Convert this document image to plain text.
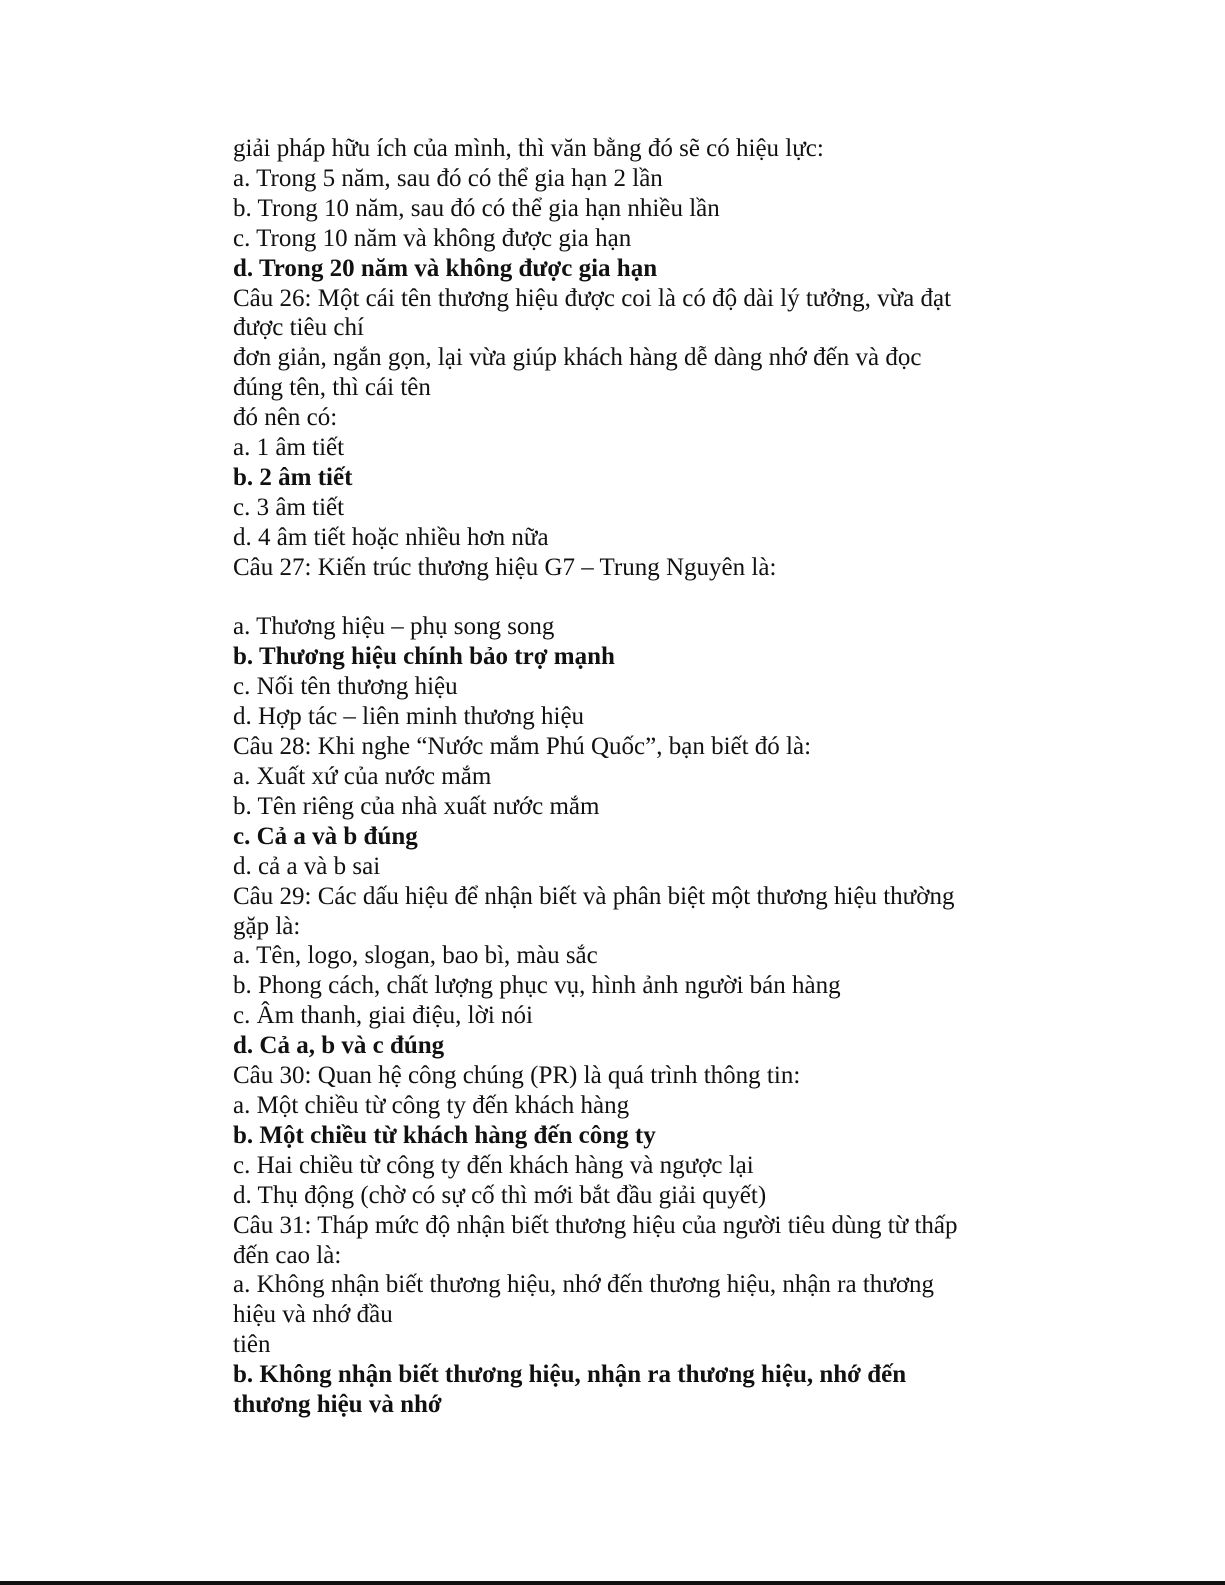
giải pháp hữu ích của mình, thì văn bằng đó sẽ có hiệu lực:

a. Trong 5 năm, sau đó có thể gia hạn 2 lần

b. Trong 10 năm, sau đó có thể gia hạn nhiều lần

c. Trong 10 năm và không được gia hạn

d. Trong 20 năm và không được gia hạn

Câu 26: Một cái tên thương hiệu được coi là có độ dài lý tưởng, vừa đạt

được tiêu chí

đơn giản, ngắn gọn, lại vừa giúp khách hàng dễ dàng nhớ đến và đọc

đúng tên, thì cái tên

đó nên có:

a. 1 âm tiết

b. 2 âm tiết

c. 3 âm tiết

d. 4 âm tiết hoặc nhiều hơn nữa

Câu 27: Kiến trúc thương hiệu G7 – Trung Nguyên là:

a. Thương hiệu – phụ song song

b. Thương hiệu chính bảo trợ mạnh

c. Nối tên thương hiệu

d. Hợp tác – liên minh thương hiệu

Câu 28: Khi nghe “Nước mắm Phú Quốc”, bạn biết đó là:

a. Xuất xứ của nước mắm

b. Tên riêng của nhà xuất nước mắm

c. Cả a và b đúng

d. cả a và b sai

Câu 29: Các dấu hiệu để nhận biết và phân biệt một thương hiệu thường

gặp là:

a. Tên, logo, slogan, bao bì, màu sắc

b. Phong cách, chất lượng phục vụ, hình ảnh người bán hàng

c. Âm thanh, giai điệu, lời nói

d. Cả a, b và c đúng

Câu 30: Quan hệ công chúng (PR) là quá trình thông tin:

a. Một chiều từ công ty đến khách hàng

b. Một chiều từ khách hàng đến công ty

c. Hai chiều từ công ty đến khách hàng và ngược lại

d. Thụ động (chờ có sự cố thì mới bắt đầu giải quyết)

Câu 31: Tháp mức độ nhận biết thương hiệu của người tiêu dùng từ thấp

đến cao là:

a. Không nhận biết thương hiệu, nhớ đến thương hiệu, nhận ra thương

hiệu và nhớ đầu

tiên

b. Không nhận biết thương hiệu, nhận ra thương hiệu, nhớ đến

thương hiệu và nhớ
